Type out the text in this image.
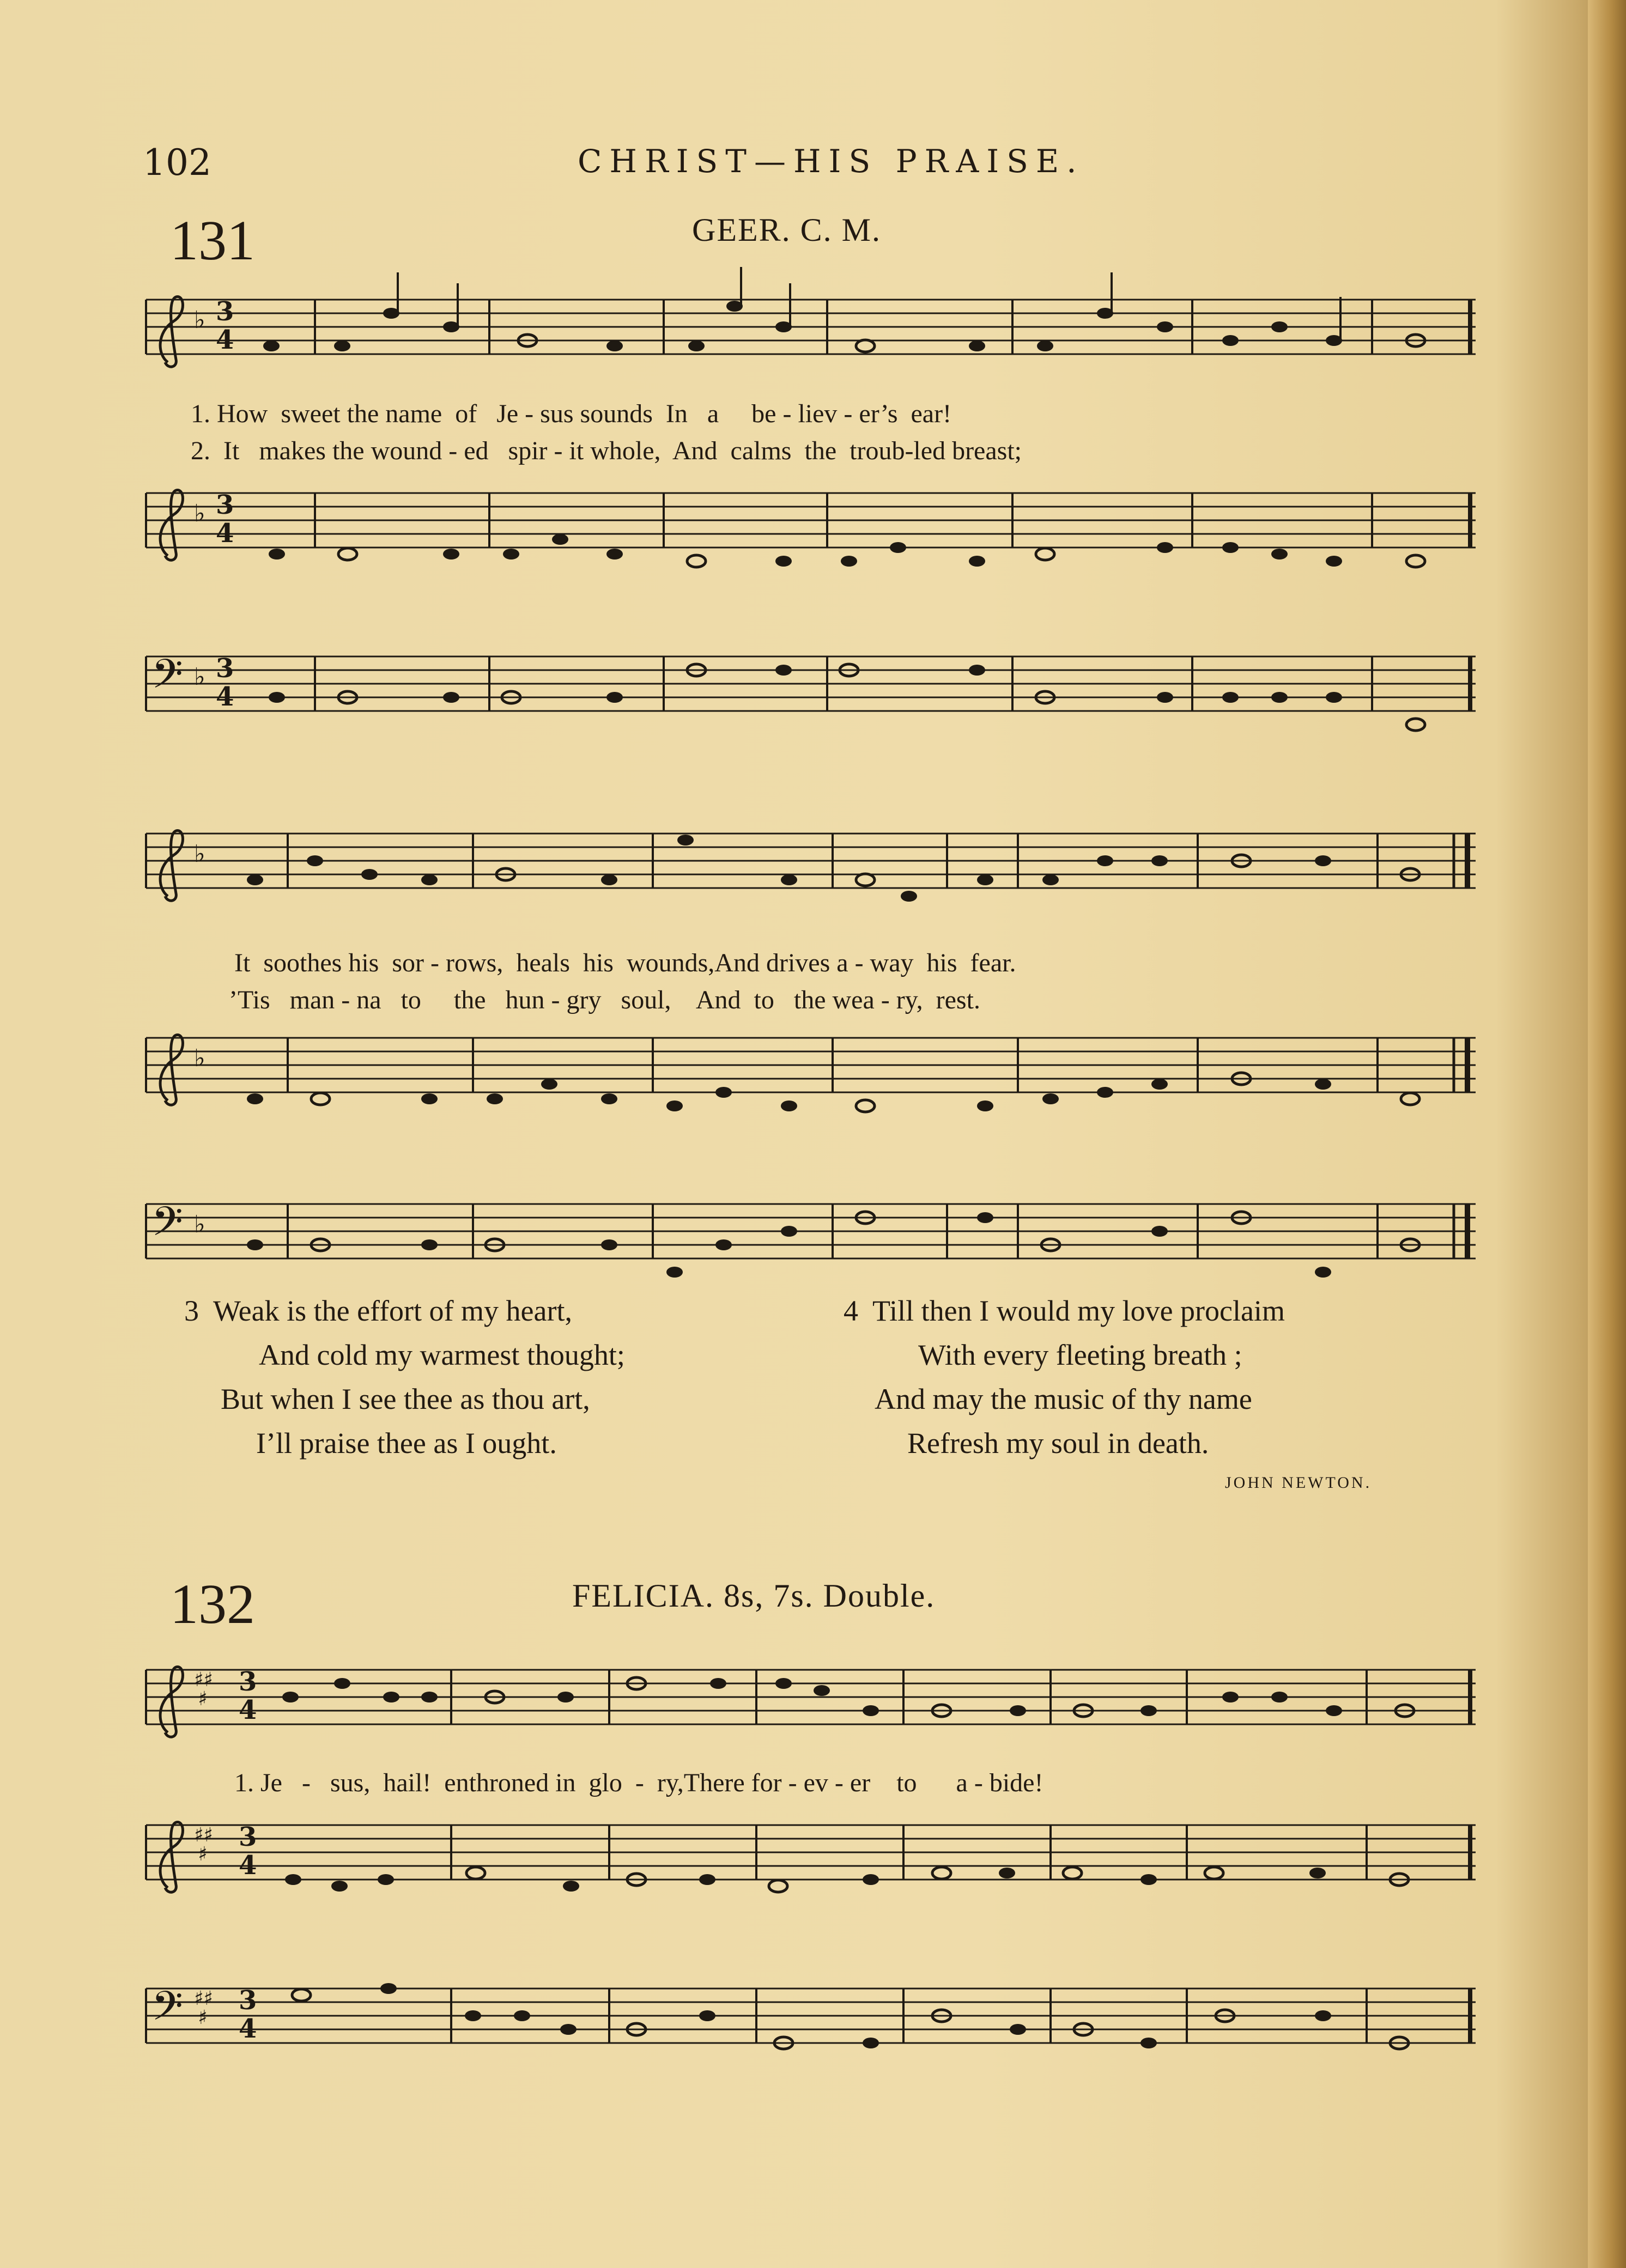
102	CHRIST—HIS PRAISE.
131	GEER. C. M.
♭ 3
4
1. How  sweet the name  of   Je - sus sounds  In   a     be - liev - er’s  ear!
2.  It   makes the wound - ed   spir - it whole,  And  calms  the  troub-led breast;
♭ 3
4
𝄢 ♭ 3
4
♭
It  soothes his  sor - rows,  heals  his  wounds,And drives a - way  his  fear.
’Tis   man - na   to     the   hun - gry   soul,    And  to   the wea - ry,  rest.
♭
𝄢 ♭
3  Weak is the effort of my heart,
And cold my warmest thought;
But when I see thee as thou art,
I’ll praise thee as I ought.
4  Till then I would my love proclaim
With every fleeting breath ;
And may the music of thy name
Refresh my soul in death.
JOHN NEWTON.
132	FELICIA. 8s, 7s. Double.
♯♯
♯
3
4
1. Je   -   sus,  hail!  enthroned in  glo  -  ry,There for - ev - er    to      a - bide!
♯♯
♯
3
4
𝄢 ♯♯
♯
3
4
